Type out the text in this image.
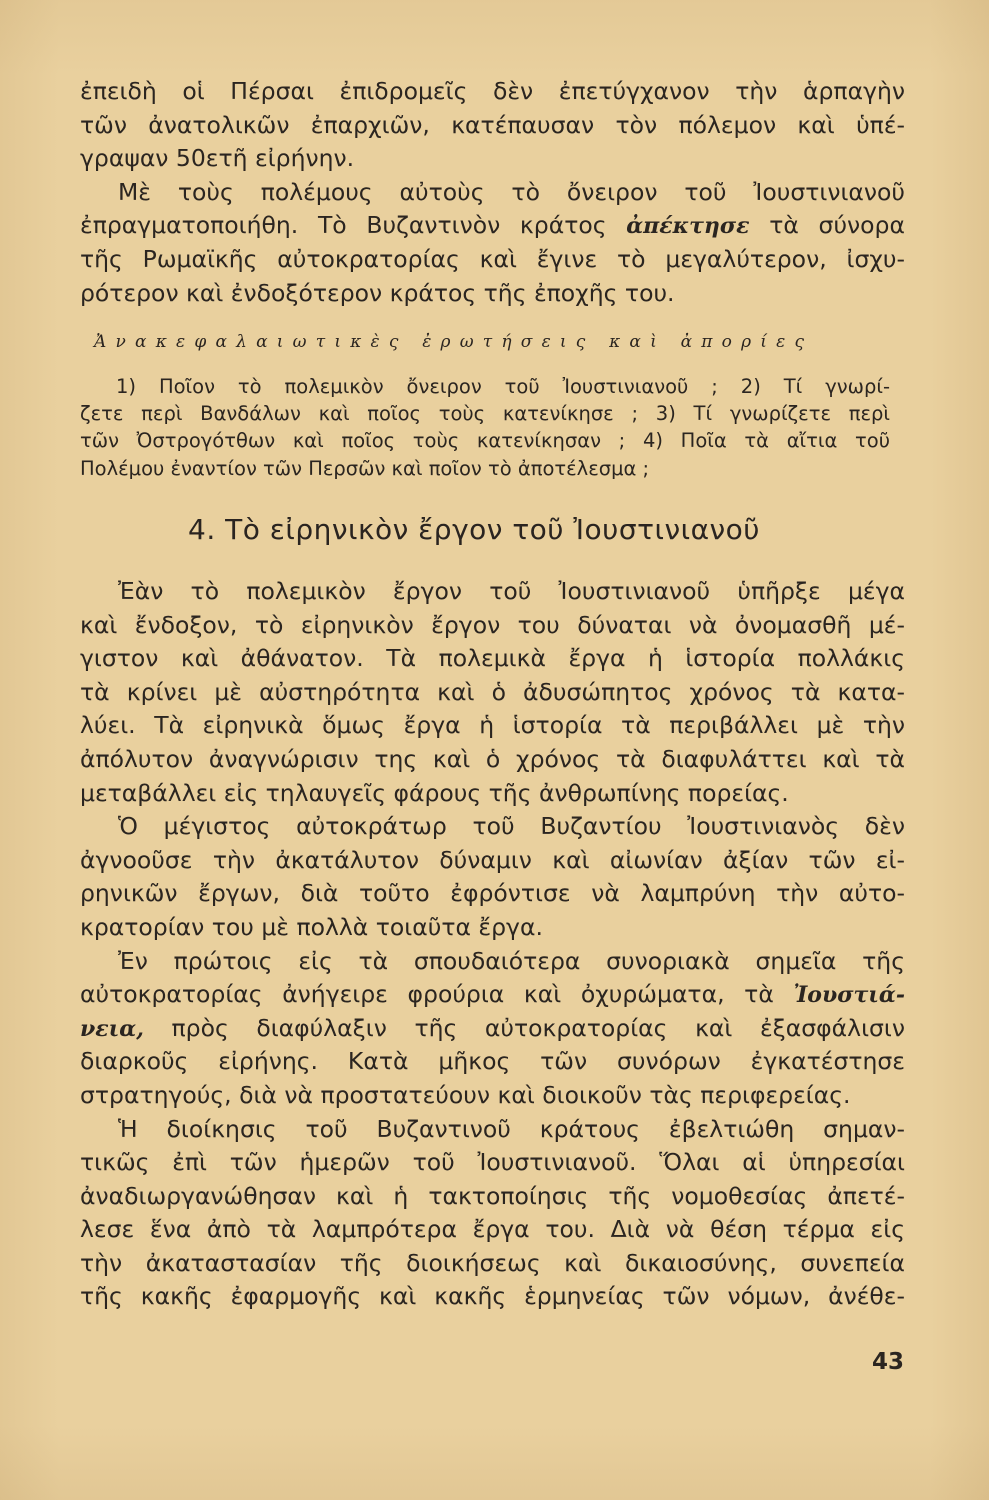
ἐπειδὴ οἱ Πέρσαι ἐπιδρομεῖς δὲν ἐπετύγχανον τὴν ἁρπαγὴν
τῶν ἀνατολικῶν ἐπαρχιῶν, κατέπαυσαν τὸν πόλεμον καὶ ὑπέ-
γραψαν 50ετῆ εἰρήνην.
Μὲ τοὺς πολέμους αὐτοὺς τὸ ὄνειρον τοῦ Ἰουστινιανοῦ
ἐπραγματοποιήθη. Τὸ Βυζαντινὸν κράτος ἀπέκτησε τὰ σύνορα
τῆς Ρωμαϊκῆς αὐτοκρατορίας καὶ ἔγινε τὸ μεγαλύτερον, ἰσχυ-
ρότερον καὶ ἐνδοξότερον κράτος τῆς ἐποχῆς του.
Ἀνακεφαλαιωτικὲς ἐρωτήσεις καὶ ἀπορίες
1) Ποῖον τὸ πολεμικὸν ὄνειρον τοῦ Ἰουστινιανοῦ ; 2) Τί γνωρί-
ζετε περὶ Βανδάλων καὶ ποῖος τοὺς κατενίκησε ; 3) Τί γνωρίζετε περὶ
τῶν Ὀστρογότθων καὶ ποῖος τοὺς κατενίκησαν ; 4) Ποῖα τὰ αἴτια τοῦ
Πολέμου ἐναντίον τῶν Περσῶν καὶ ποῖον τὸ ἀποτέλεσμα ;
4. Τὸ εἰρηνικὸν ἔργον τοῦ Ἰουστινιανοῦ
Ἐὰν τὸ πολεμικὸν ἔργον τοῦ Ἰουστινιανοῦ ὑπῆρξε μέγα
καὶ ἔνδοξον, τὸ εἰρηνικὸν ἔργον του δύναται νὰ ὀνομασθῆ μέ-
γιστον καὶ ἀθάνατον. Τὰ πολεμικὰ ἔργα ἡ ἱστορία πολλάκις
τὰ κρίνει μὲ αὐστηρότητα καὶ ὁ ἀδυσώπητος χρόνος τὰ κατα-
λύει. Τὰ εἰρηνικὰ ὅμως ἔργα ἡ ἱστορία τὰ περιβάλλει μὲ τὴν
ἀπόλυτον ἀναγνώρισιν της καὶ ὁ χρόνος τὰ διαφυλάττει καὶ τὰ
μεταβάλλει εἰς τηλαυγεῖς φάρους τῆς ἀνθρωπίνης πορείας.
Ὁ μέγιστος αὐτοκράτωρ τοῦ Βυζαντίου Ἰουστινιανὸς δὲν
ἀγνοοῦσε τὴν ἀκατάλυτον δύναμιν καὶ αἰωνίαν ἀξίαν τῶν εἰ-
ρηνικῶν ἔργων, διὰ τοῦτο ἐφρόντισε νὰ λαμπρύνη τὴν αὐτο-
κρατορίαν του μὲ πολλὰ τοιαῦτα ἔργα.
Ἐν πρώτοις εἰς τὰ σπουδαιότερα συνοριακὰ σημεῖα τῆς
αὐτοκρατορίας ἀνήγειρε φρούρια καὶ ὀχυρώματα, τὰ Ἰουστιά-
νεια, πρὸς διαφύλαξιν τῆς αὐτοκρατορίας καὶ ἐξασφάλισιν
διαρκοῦς εἰρήνης. Κατὰ μῆκος τῶν συνόρων ἐγκατέστησε
στρατηγούς, διὰ νὰ προστατεύουν καὶ διοικοῦν τὰς περιφερείας.
Ἡ διοίκησις τοῦ Βυζαντινοῦ κράτους ἐβελτιώθη σημαν-
τικῶς ἐπὶ τῶν ἡμερῶν τοῦ Ἰουστινιανοῦ. Ὅλαι αἱ ὑπηρεσίαι
ἀναδιωργανώθησαν καὶ ἡ τακτοποίησις τῆς νομοθεσίας ἀπετέ-
λεσε ἕνα ἀπὸ τὰ λαμπρότερα ἔργα του. Διὰ νὰ θέση τέρμα εἰς
τὴν ἀκαταστασίαν τῆς διοικήσεως καὶ δικαιοσύνης, συνεπεία
τῆς κακῆς ἐφαρμογῆς καὶ κακῆς ἑρμηνείας τῶν νόμων, ἀνέθε-
43
